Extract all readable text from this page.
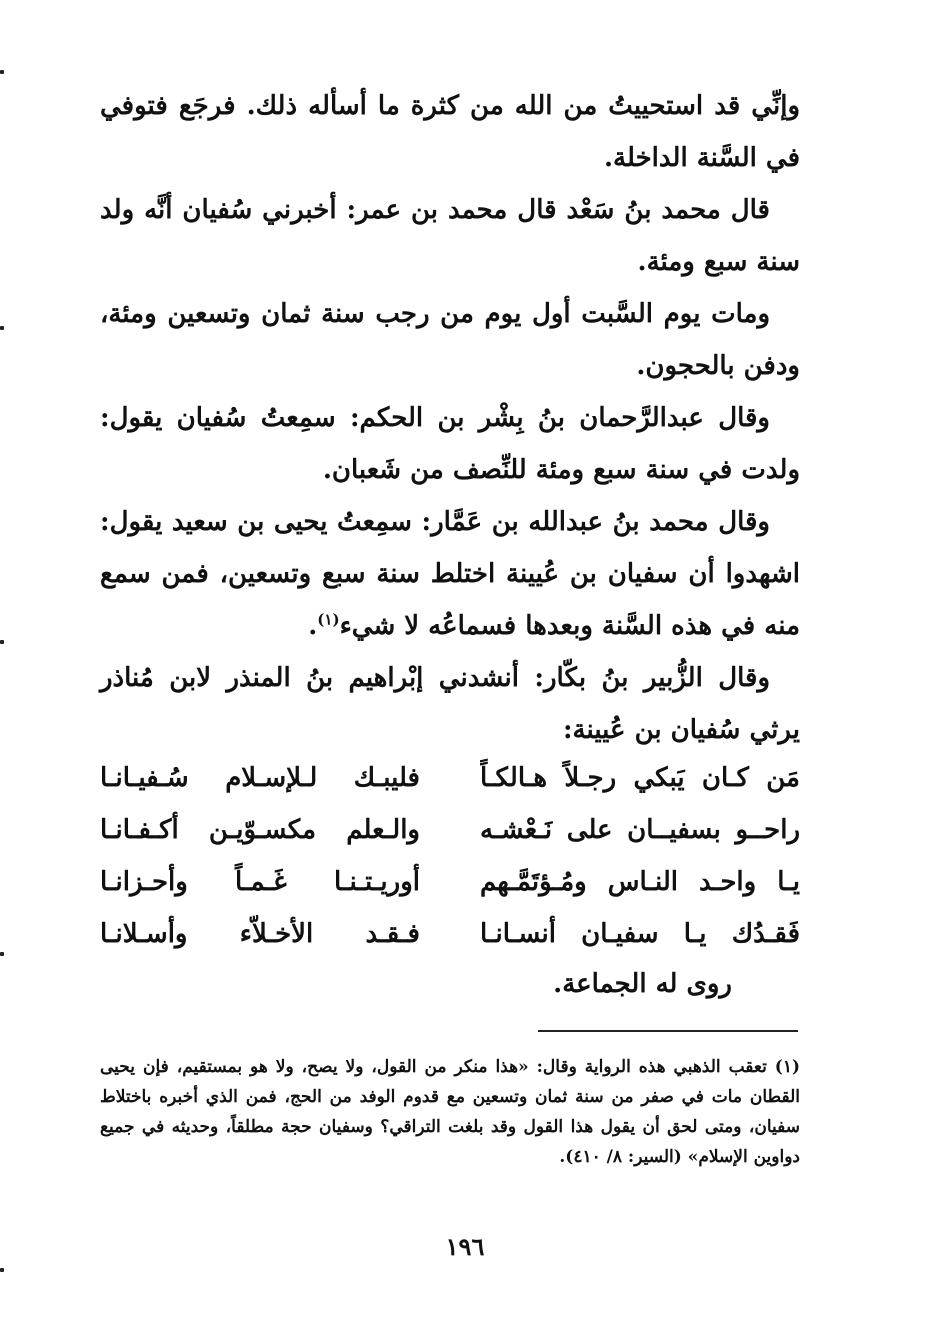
وإنِّي قد استحييتُ من الله من كثرة ما أسأله ذلك. فرجَع فتوفي في السَّنة الداخلة.

قال محمد بنُ سَعْد قال محمد بن عمر: أخبرني سُفيان أنَّه ولد سنة سبع ومئة.

ومات يوم السَّبت أول يوم من رجب سنة ثمان وتسعين ومئة، ودفن بالحجون.

وقال عبدالرَّحمان بنُ بِشْر بن الحكم: سمِعتُ سُفيان يقول: ولدت في سنة سبع ومئة للنِّصف من شَعبان.

وقال محمد بنُ عبدالله بن عَمَّار: سمِعتُ يحيى بن سعيد يقول: اشهدوا أن سفيان بن عُيينة اختلط سنة سبع وتسعين، فمن سمع منه في هذه السَّنة وبعدها فسماعُه لا شيء$^{(١)}$.

وقال الزُّبير بنُ بكّار: أنشدني إبْراهيم بنُ المنذر لابن مُناذر يرثي سُفيان بن عُيينة:

مَن كـان يَبكي رجـلاً هـالكـاً
فليبـك لـلإسـلام سُـفيـانـا
راحــو بسفيــان على نَـعْشـه
والـعلم مكسـوّيـن أكـفـانـا
يـا واحـد النـاس ومُـؤتَمَّـهم
أوريـتـنـا غَـمـاً وأحـزانـا
فَقـدُك يـا سفيـان أنسـانـا
فـقـد الأخـلاّء وأسـلانـا
روى له الجماعة.
(١) تعقب الذهبي هذه الرواية وقال: «هذا منكر من القول، ولا يصح، ولا هو بمستقيم، فإن يحيى القطان مات في صفر من سنة ثمان وتسعين مع قدوم الوفد من الحج، فمن الذي أخبره باختلاط سفيان، ومتى لحق أن يقول هذا القول وقد بلغت التراقي؟ وسفيان حجة مطلقاً، وحديثه في جميع دواوين الإسلام» (السير: ٨/ ٤١٠).
١٩٦
